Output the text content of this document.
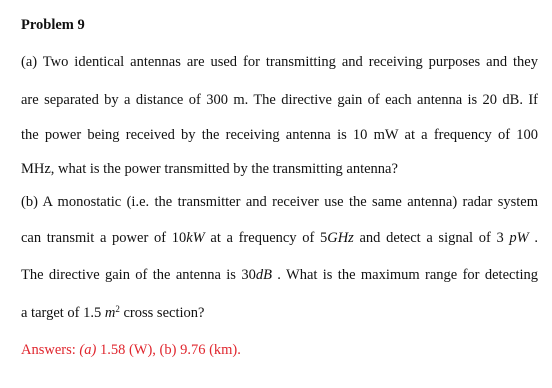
Problem 9
(a) Two identical antennas are used for transmitting and receiving purposes and they
are separated by a distance of 300 m. The directive gain of each antenna is 20 dB. If
the power being received by the receiving antenna is 10 mW at a frequency of 100
MHz, what is the power transmitted by the transmitting antenna?
(b) A monostatic (i.e. the transmitter and receiver use the same antenna) radar system
can transmit a power of 10kW at a frequency of 5GHz and detect a signal of 3 pW .
The directive gain of the antenna is 30dB . What is the maximum range for detecting
a target of 1.5 $m^2$ cross section?
Answers: (a) 1.58 (W), (b) 9.76 (km).
